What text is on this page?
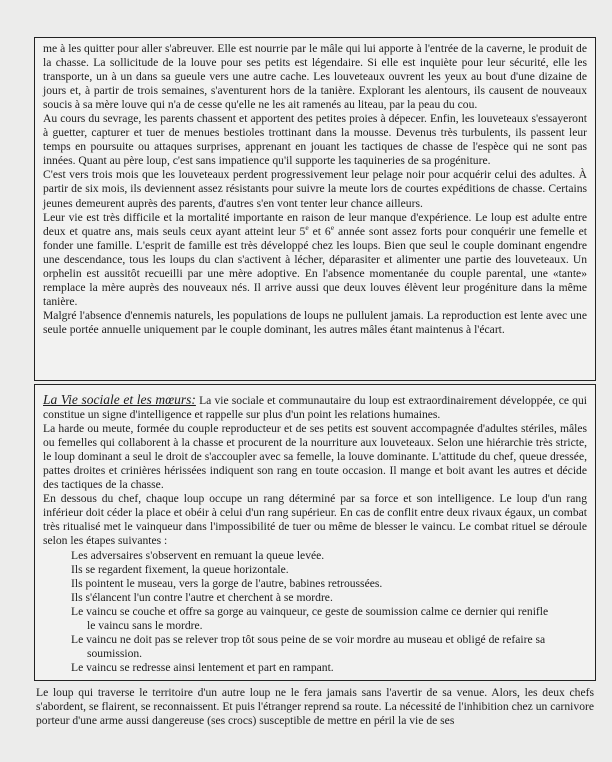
me à les quitter pour aller s'abreuver. Elle est nourrie par le mâle qui lui apporte à l'entrée de la caverne, le produit de la chasse. La sollicitude de la louve pour ses petits est légendaire. Si elle est inquiète pour leur sécurité, elle les transporte, un à un dans sa gueule vers une autre cache. Les louveteaux ouvrent les yeux au bout d'une dizaine de jours et, à partir de trois semaines, s'aventurent hors de la tanière. Explorant les alentours, ils causent de nouveaux soucis à sa mère louve qui n'a de cesse qu'elle ne les ait ramenés au liteau, par la peau du cou.

Au cours du sevrage, les parents chassent et apportent des petites proies à dépecer. Enfin, les louveteaux s'essayeront à guetter, capturer et tuer de menues bestioles trottinant dans la mousse. Devenus très turbulents, ils passent leur temps en poursuite ou attaques surprises, apprenant en jouant les tactiques de chasse de l'espèce qui ne sont pas innées. Quant au père loup, c'est sans impatience qu'il supporte les taquineries de sa progéniture.

C'est vers trois mois que les louveteaux perdent progressivement leur pelage noir pour acquérir celui des adultes. À partir de six mois, ils deviennent assez résistants pour suivre la meute lors de courtes expéditions de chasse. Certains jeunes demeurent auprès des parents, d'autres s'en vont tenter leur chance ailleurs.

Leur vie est très difficile et la mortalité importante en raison de leur manque d'expérience. Le loup est adulte entre deux et quatre ans, mais seuls ceux ayant atteint leur 5e et 6e année sont assez forts pour conquérir une femelle et fonder une famille. L'esprit de famille est très développé chez les loups. Bien que seul le couple dominant engendre une descendance, tous les loups du clan s'activent à lécher, déparasiter et alimenter une partie des louveteaux. Un orphelin est aussitôt recueilli par une mère adoptive. En l'absence momentanée du couple parental, une «tante» remplace la mère auprès des nouveaux nés. Il arrive aussi que deux louves élèvent leur progéniture dans la même tanière.

Malgré l'absence d'ennemis naturels, les populations de loups ne pullulent jamais. La reproduction est lente avec une seule portée annuelle uniquement par le couple dominant, les autres mâles étant maintenus à l'écart.

La Vie sociale et les mœurs: La vie sociale et communautaire du loup est extraordinairement développée, ce qui constitue un signe d'intelligence et rappelle sur plus d'un point les relations humaines.

La harde ou meute, formée du couple reproducteur et de ses petits est souvent accompagnée d'adultes stériles, mâles ou femelles qui collaborent à la chasse et procurent de la nourriture aux louveteaux. Selon une hiérarchie très stricte, le loup dominant a seul le droit de s'accoupler avec sa femelle, la louve dominante. L'attitude du chef, queue dressée, pattes droites et crinières hérissées indiquent son rang en toute occasion. Il mange et boit avant les autres et décide des tactiques de la chasse.

En dessous du chef, chaque loup occupe un rang déterminé par sa force et son intelligence. Le loup d'un rang inférieur doit céder la place et obéir à celui d'un rang supérieur. En cas de conflit entre deux rivaux égaux, un combat très ritualisé met le vainqueur dans l'impossibilité de tuer ou même de blesser le vaincu. Le combat rituel se déroule selon les étapes suivantes :

Les adversaires s'observent en remuant la queue levée.
Ils se regardent fixement, la queue horizontale.
Ils pointent le museau, vers la gorge de l'autre, babines retroussées.
Ils s'élancent l'un contre l'autre et cherchent à se mordre.
Le vaincu se couche et offre sa gorge au vainqueur, ce geste de soumission calme ce dernier qui renifle
le vaincu sans le mordre.
Le vaincu ne doit pas se relever trop tôt sous peine de se voir mordre au museau et obligé de refaire sa
soumission.
Le vaincu se redresse ainsi lentement et part en rampant.

Le loup qui traverse le territoire d'un autre loup ne le fera jamais sans l'avertir de sa venue. Alors, les deux chefs s'abordent, se flairent, se reconnaissent. Et puis l'étranger reprend sa route. La nécessité de l'inhibition chez un carnivore porteur d'une arme aussi dangereuse (ses crocs) susceptible de mettre en péril la vie de ses
